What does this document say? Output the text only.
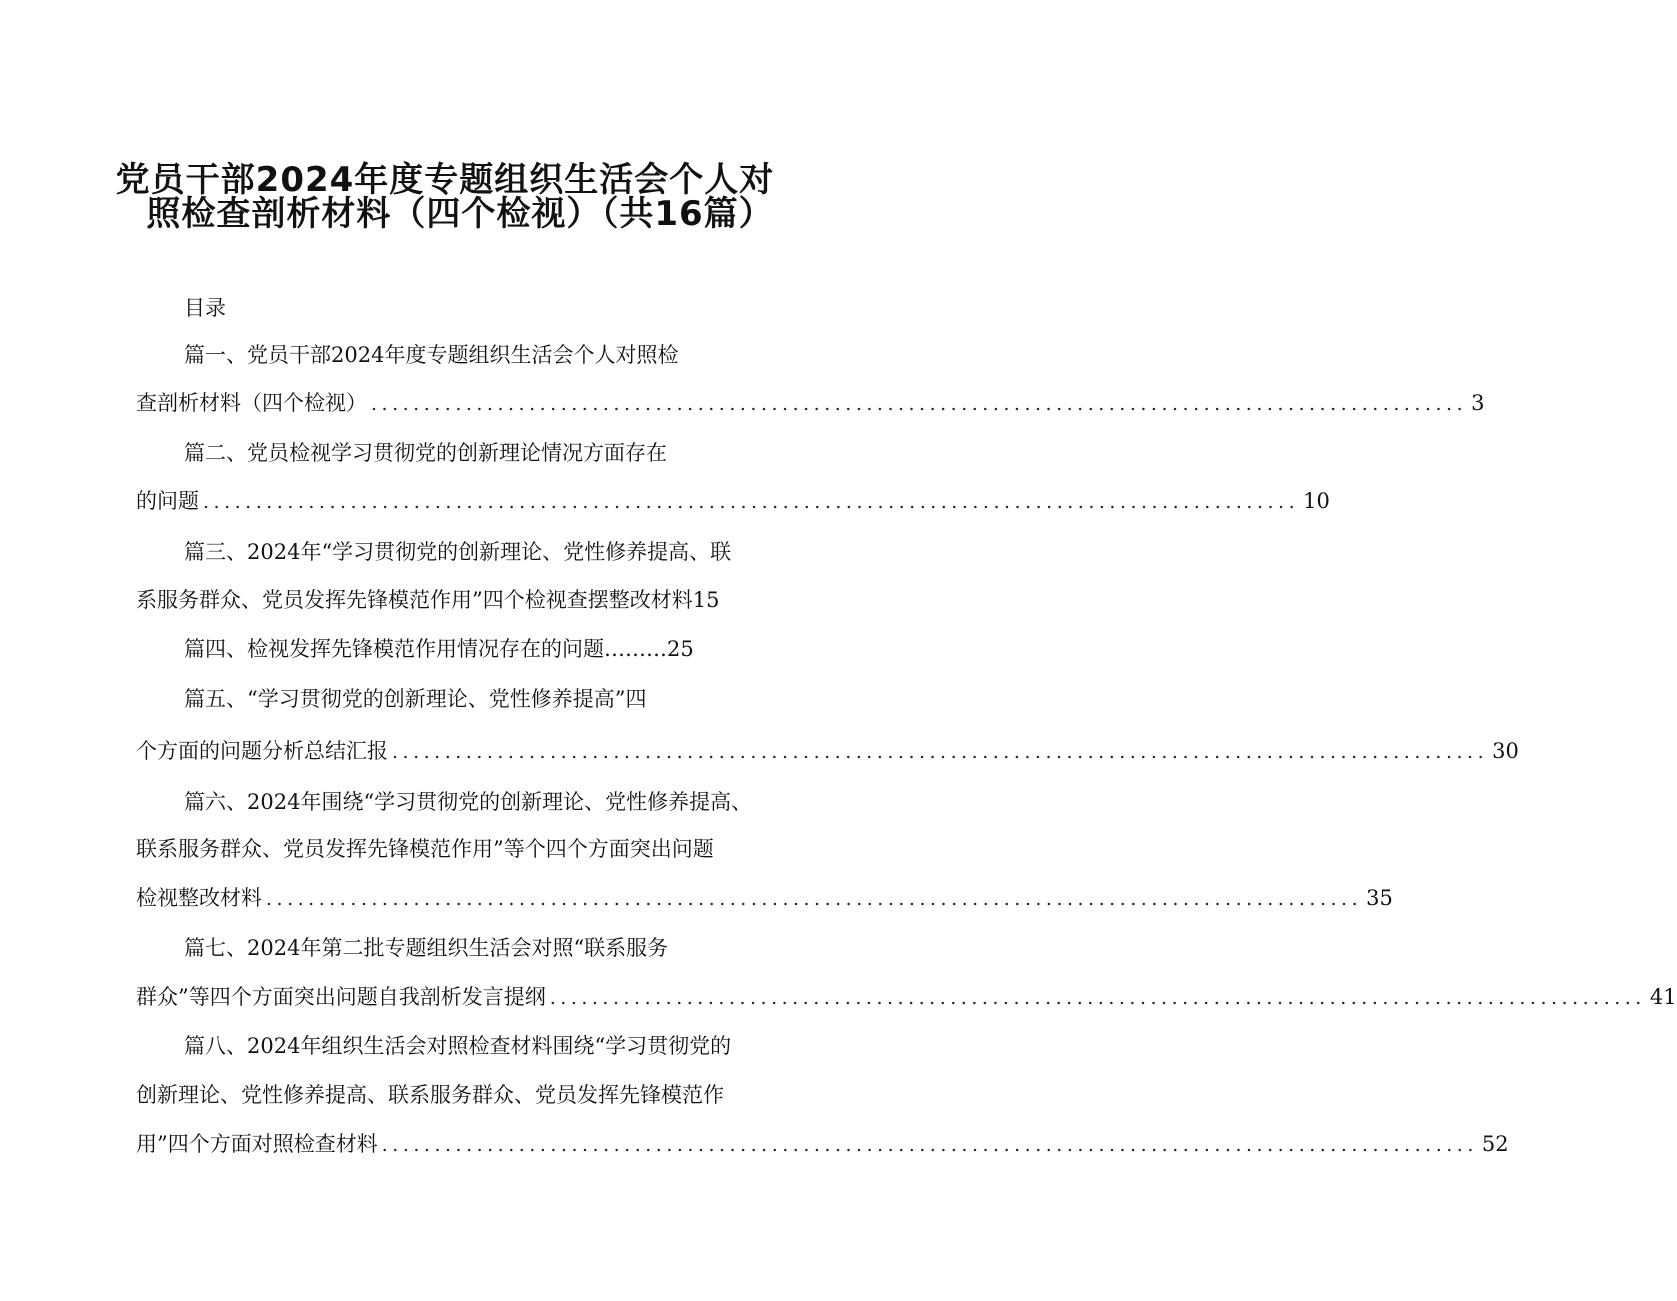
党员干部2024年度专题组织生活会个人对
照检查剖析材料（四个检视）（共16篇）
目录
篇一、党员干部2024年度专题组织生活会个人对照检
查剖析材料（四个检视） ........................................................................................................ 3
篇二、党员检视学习贯彻党的创新理论情况方面存在
的问题 ........................................................................................................ 10
篇三、2024年“学习贯彻党的创新理论、党性修养提高、联
系服务群众、党员发挥先锋模范作用”四个检视查摆整改材料15
篇四、检视发挥先锋模范作用情况存在的问题………25
篇五、“学习贯彻党的创新理论、党性修养提高”四
个方面的问题分析总结汇报 ........................................................................................................ 30
篇六、2024年围绕“学习贯彻党的创新理论、党性修养提高、
联系服务群众、党员发挥先锋模范作用”等个四个方面突出问题
检视整改材料 ........................................................................................................ 35
篇七、2024年第二批专题组织生活会对照“联系服务
群众”等四个方面突出问题自我剖析发言提纲 ........................................................................................................ 41
篇八、2024年组织生活会对照检查材料围绕“学习贯彻党的
创新理论、党性修养提高、联系服务群众、党员发挥先锋模范作
用”四个方面对照检查材料 ........................................................................................................ 52
